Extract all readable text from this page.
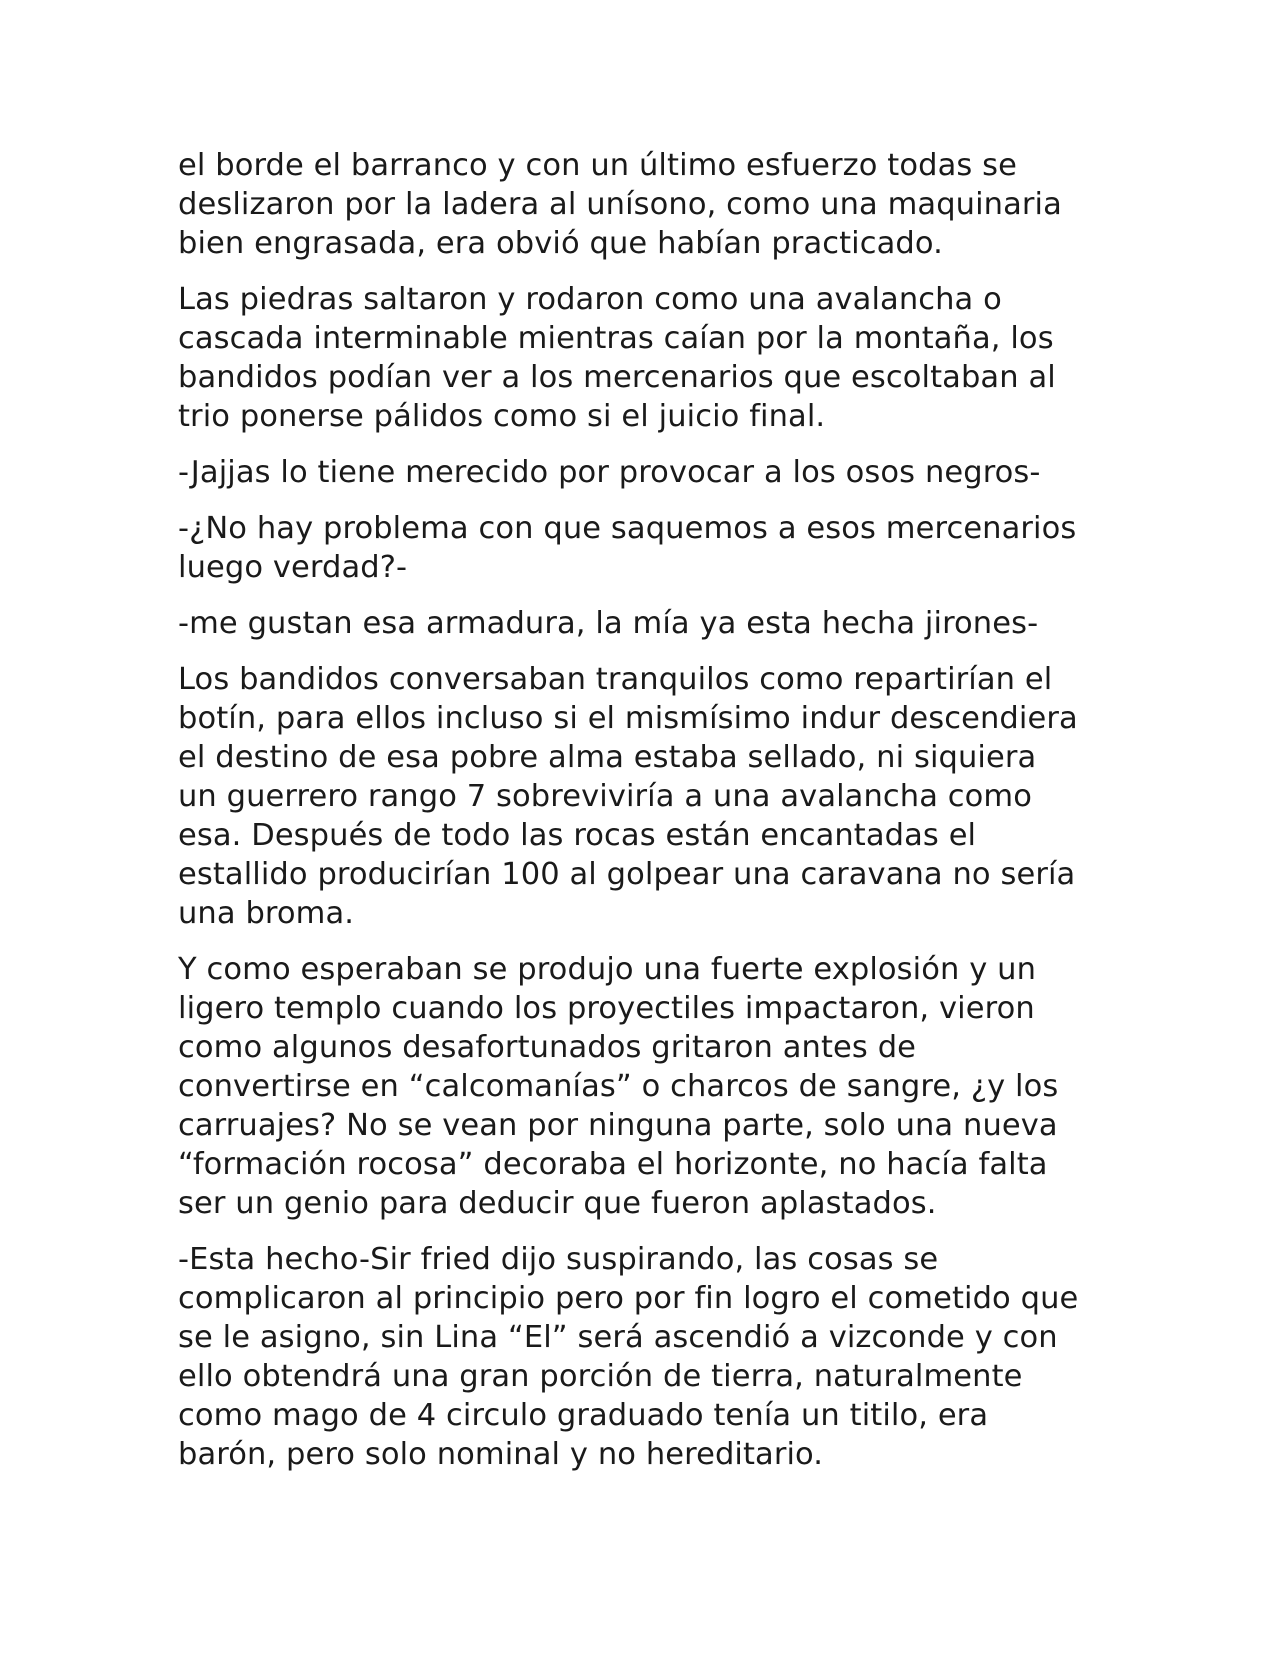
el borde el barranco y con un último esfuerzo todas se
deslizaron por la ladera al unísono, como una maquinaria
bien engrasada, era obvió que habían practicado.

Las piedras saltaron y rodaron como una avalancha o
cascada interminable mientras caían por la montaña, los
bandidos podían ver a los mercenarios que escoltaban al
trio ponerse pálidos como si el juicio final.

-Jajjas lo tiene merecido por provocar a los osos negros-

-¿No hay problema con que saquemos a esos mercenarios
luego verdad?-

-me gustan esa armadura, la mía ya esta hecha jirones-

Los bandidos conversaban tranquilos como repartirían el
botín, para ellos incluso si el mismísimo indur descendiera
el destino de esa pobre alma estaba sellado, ni siquiera
un guerrero rango 7 sobreviviría a una avalancha como
esa. Después de todo las rocas están encantadas el
estallido producirían 100 al golpear una caravana no sería
una broma.

Y como esperaban se produjo una fuerte explosión y un
ligero templo cuando los proyectiles impactaron, vieron
como algunos desafortunados gritaron antes de
convertirse en “calcomanías” o charcos de sangre, ¿y los
carruajes? No se vean por ninguna parte, solo una nueva
“formación rocosa” decoraba el horizonte, no hacía falta
ser un genio para deducir que fueron aplastados.

-Esta hecho-Sir fried dijo suspirando, las cosas se
complicaron al principio pero por fin logro el cometido que
se le asigno, sin Lina “El” será ascendió a vizconde y con
ello obtendrá una gran porción de tierra, naturalmente
como mago de 4 circulo graduado tenía un titilo, era
barón, pero solo nominal y no hereditario.
